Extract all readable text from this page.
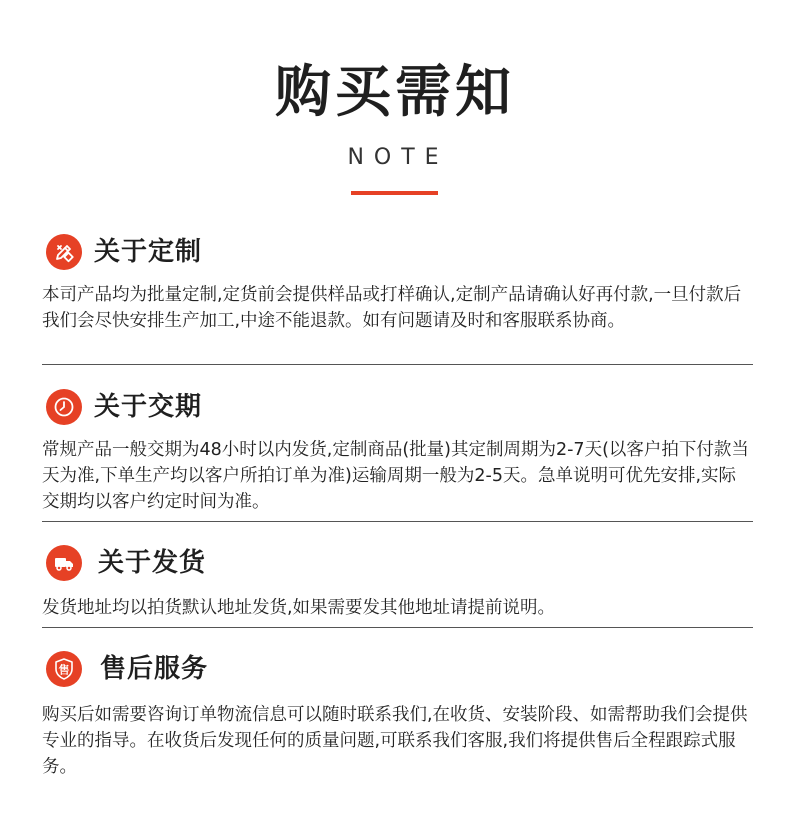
购买需知
NOTE
关于定制
本司产品均为批量定制,定货前会提供样品或打样确认,定制产品请确认好再付款,一旦付款后我们会尽快安排生产加工,中途不能退款。如有问题请及时和客服联系协商。
关于交期
常规产品一般交期为48小时以内发货,定制商品(批量)其定制周期为2-7天(以客户拍下付款当天为准,下单生产均以客户所拍订单为准)运输周期一般为2-5天。急单说明可优先安排,实际交期均以客户约定时间为准。
关于发货
发货地址均以拍货默认地址发货,如果需要发其他地址请提前说明。
售 售后服务
购买后如需要咨询订单物流信息可以随时联系我们,在收货、安装阶段、如需帮助我们会提供专业的指导。在收货后发现任何的质量问题,可联系我们客服,我们将提供售后全程跟踪式服务。
